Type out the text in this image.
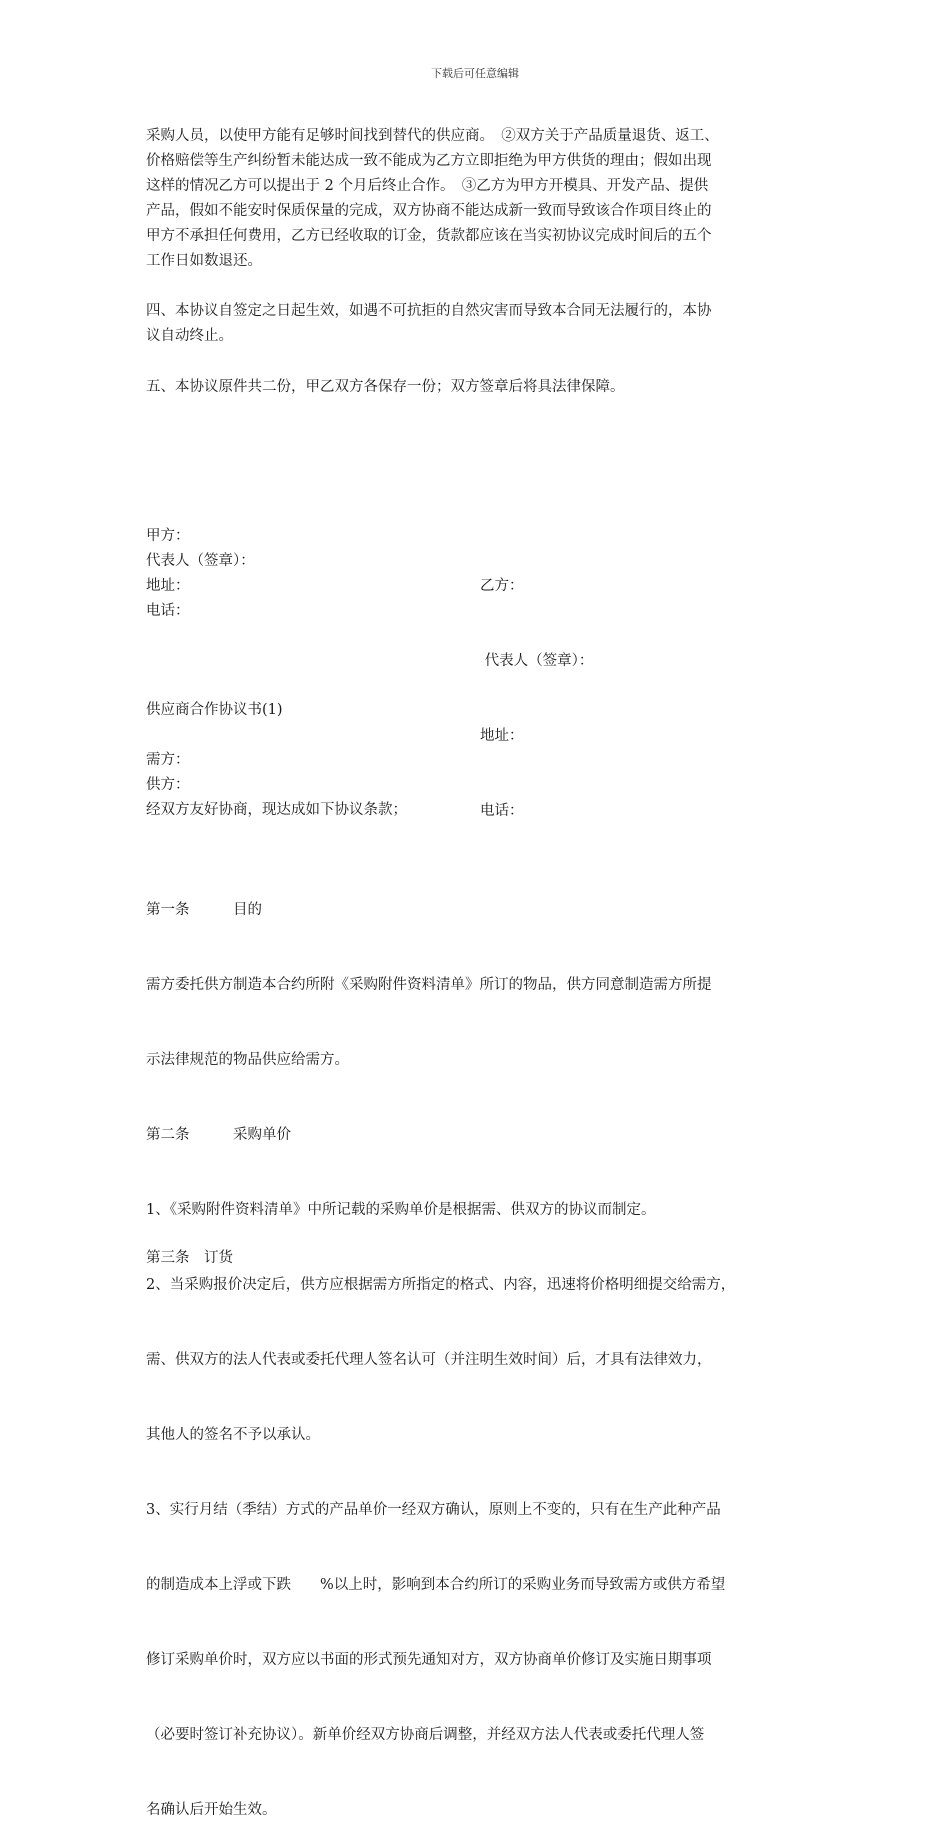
下载后可任意编辑
采购人员，以使甲方能有足够时间找到替代的供应商。　②双方关于产品质量退货、返工、
价格赔偿等生产纠纷暂未能达成一致不能成为乙方立即拒绝为甲方供货的理由；假如出现
这样的情况乙方可以提出于 2 个月后终止合作。　③乙方为甲方开模具、开发产品、提供
产品，假如不能安时保质保量的完成，双方协商不能达成新一致而导致该合作项目终止的
甲方不承担任何费用，乙方已经收取的订金，货款都应该在当实初协议完成时间后的五个
工作日如数退还。
四、本协议自签定之日起生效，如遇不可抗拒的自然灾害而导致本合同无法履行的，本协
议自动终止。
五、本协议原件共二份，甲乙双方各保存一份；双方签章后将具法律保障。
甲方：
代表人（签章）：
地址：
电话：

乙方：

代表人（签章）：

地址：

电话：

供应商合作协议书(1)
需方：
供方：
经双方友好协商，现达成如下协议条款；

第一条　　　目的

需方委托供方制造本合约所附《采购附件资料清单》所订的物品，供方同意制造需方所提

示法律规范的物品供应给需方。

第二条　　　采购单价

1、《采购附件资料清单》中所记载的采购单价是根据需、供双方的协议而制定。

2、当采购报价决定后，供方应根据需方所指定的格式、内容，迅速将价格明细提交给需方，

需、供双方的法人代表或委托代理人签名认可（并注明生效时间）后，才具有法律效力，

其他人的签名不予以承认。

3、实行月结（季结）方式的产品单价一经双方确认，原则上不变的，只有在生产此种产品

的制造成本上浮或下跌　　%以上时，影响到本合约所订的采购业务而导致需方或供方希望

修订采购单价时，双方应以书面的形式预先通知对方，双方协商单价修订及实施日期事项

（必要时签订补充协议）。新单价经双方协商后调整，并经双方法人代表或委托代理人签

名确认后开始生效。

第三条　订货
